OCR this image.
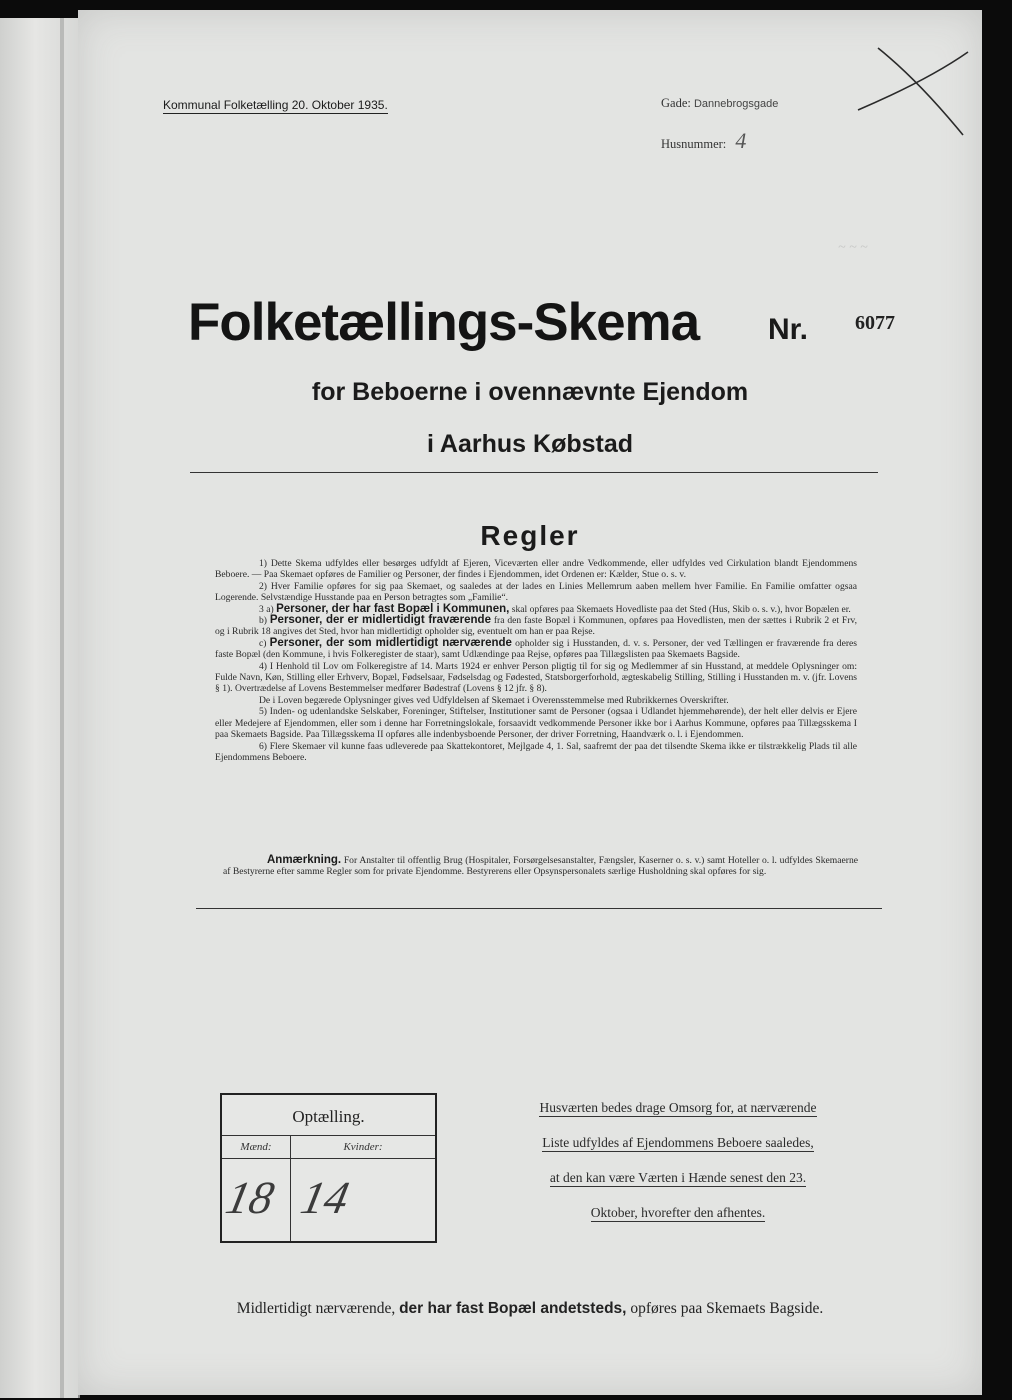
~ ~ ~
Kommunal Folketælling 20. Oktober 1935.	Gade: Dannebrogsgade
Husnummer: 4
Folketællings-Skema Nr. 6077
for Beboerne i ovennævnte Ejendom
i Aarhus Købstad
Regler

1) Dette Skema udfyldes eller besørges udfyldt af Ejeren, Viceværten eller andre Vedkommende, eller udfyldes ved Cirkulation blandt Ejendommens Beboere. — Paa Skemaet opføres de Familier og Personer, der findes i Ejendommen, idet Ordenen er: Kælder, Stue o. s. v.

2) Hver Familie opføres for sig paa Skemaet, og saaledes at der lades en Linies Mellemrum aaben mellem hver Familie. En Familie omfatter ogsaa Logerende. Selvstændige Husstande paa en Person betragtes som „Familie“.

3 a) Personer, der har fast Bopæl i Kommunen, skal opføres paa Skemaets Hovedliste paa det Sted (Hus, Skib o. s. v.), hvor Bopælen er.

b) Personer, der er midlertidigt fraværende fra den faste Bopæl i Kommunen, opføres paa Hovedlisten, men der sættes i Rubrik 2 et Frv, og i Rubrik 18 angives det Sted, hvor han midlertidigt opholder sig, eventuelt om han er paa Rejse.

c) Personer, der som midlertidigt nærværende opholder sig i Husstanden, d. v. s. Personer, der ved Tællingen er fraværende fra deres faste Bopæl (den Kommune, i hvis Folkeregister de staar), samt Udlændinge paa Rejse, opføres paa Tillægslisten paa Skemaets Bagside.

4) I Henhold til Lov om Folkeregistre af 14. Marts 1924 er enhver Person pligtig til for sig og Medlemmer af sin Husstand, at meddele Oplysninger om: Fulde Navn, Køn, Stilling eller Erhverv, Bopæl, Fødselsaar, Fødselsdag og Fødested, Statsborgerforhold, ægteskabelig Stilling, Stilling i Husstanden m. v. (jfr. Lovens § 1). Overtrædelse af Lovens Bestemmelser medfører Bødestraf (Lovens § 12 jfr. § 8).

De i Loven begærede Oplysninger gives ved Udfyldelsen af Skemaet i Overensstemmelse med Rubrikkernes Overskrifter.

5) Inden- og udenlandske Selskaber, Foreninger, Stiftelser, Institutioner samt de Personer (ogsaa i Udlandet hjemmehørende), der helt eller delvis er Ejere eller Medejere af Ejendommen, eller som i denne har Forretningslokale, forsaavidt vedkommende Personer ikke bor i Aarhus Kommune, opføres paa Tillægsskema I paa Skemaets Bagside. Paa Tillægsskema II opføres alle indenbysboende Personer, der driver Forretning, Haandværk o. l. i Ejendommen.

6) Flere Skemaer vil kunne faas udleverede paa Skattekontoret, Mejlgade 4, 1. Sal, saafremt der paa det tilsendte Skema ikke er tilstrækkelig Plads til alle Ejendommens Beboere.

Anmærkning. For Anstalter til offentlig Brug (Hospitaler, Forsørgelsesanstalter, Fængsler, Kaserner o. s. v.) samt Hoteller o. l. udfyldes Skemaerne af Bestyrerne efter samme Regler som for private Ejendomme. Bestyrerens eller Opsynspersonalets særlige Husholdning skal opføres for sig.
Optælling.
Mænd:
18
Kvinder:
14
Husværten bedes drage Omsorg for, at nærværende
Liste udfyldes af Ejendommens Beboere saaledes,
at den kan være Værten i Hænde senest den 23.
Oktober, hvorefter den afhentes.
Midlertidigt nærværende, der har fast Bopæl andetsteds, opføres paa Skemaets Bagside.
